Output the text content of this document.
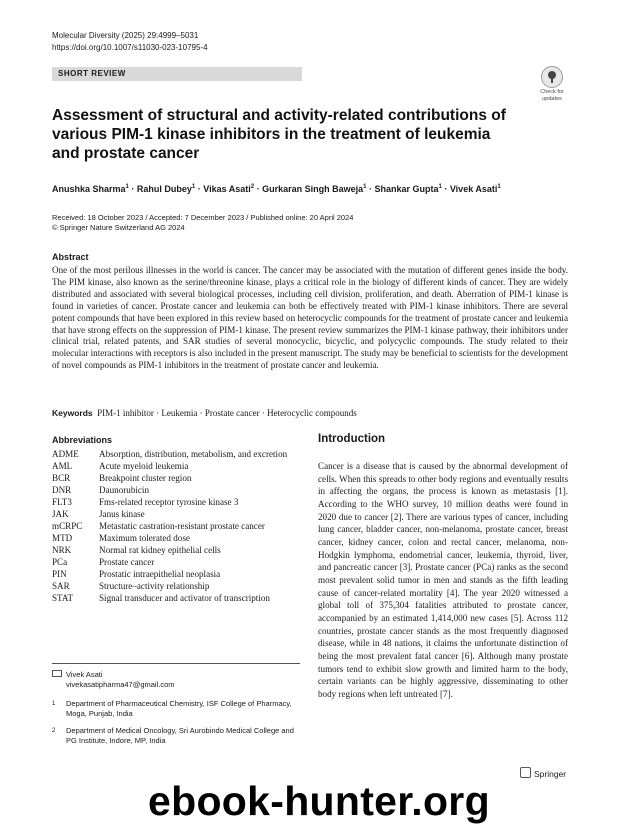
Molecular Diversity (2025) 29:4999–5031
https://doi.org/10.1007/s11030-023-10795-4
SHORT REVIEW
Check for
updates
Assessment of structural and activity-related contributions of various PIM-1 kinase inhibitors in the treatment of leukemia and prostate cancer
Anushka Sharma$^1$ · Rahul Dubey$^1$ · Vikas Asati$^2$ · Gurkaran Singh Baweja$^1$ · Shankar Gupta$^1$ · Vivek Asati$^1$
Received: 18 October 2023 / Accepted: 7 December 2023 / Published online: 20 April 2024
© Springer Nature Switzerland AG 2024
Abstract
One of the most perilous illnesses in the world is cancer. The cancer may be associated with the mutation of different genes inside the body. The PIM kinase, also known as the serine/threonine kinase, plays a critical role in the biology of different kinds of cancer. They are widely distributed and associated with several biological processes, including cell division, proliferation, and death. Aberration of PIM-1 kinase is found in varieties of cancer. Prostate cancer and leukemia can both be effectively treated with PIM-1 kinase inhibitors. There are several potent compounds that have been explored in this review based on heterocyclic compounds for the treatment of prostate cancer and leukemia that have strong effects on the suppression of PIM-1 kinase. The present review summarizes the PIM-1 kinase pathway, their inhibitors under clinical trial, related patents, and SAR studies of several monocyclic, bicyclic, and polycyclic compounds. The study related to their molecular interactions with receptors is also included in the present manuscript. The study may be beneficial to scientists for the development of novel compounds as PIM-1 inhibitors in the treatment of prostate cancer and leukemia.
Keywords PIM-1 inhibitor · Leukemia · Prostate cancer · Heterocyclic compounds
Abbreviations
ADME	Absorption, distribution, metabolism, and excretion
AML	Acute myeloid leukemia
BCR	Breakpoint cluster region
DNR	Daunorubicin
FLT3	Fms-related receptor tyrosine kinase 3
JAK	Janus kinase
mCRPC	Metastatic castration-resistant prostate cancer
MTD	Maximum tolerated dose
NRK	Normal rat kidney epithelial cells
PCa	Prostate cancer
PIN	Prostatic intraepithelial neoplasia
SAR	Structure–activity relationship
STAT	Signal transducer and activator of transcription
Introduction
Cancer is a disease that is caused by the abnormal development of cells. When this spreads to other body regions and eventually results in affecting the organs, the process is known as metastasis [1]. According to the WHO survey, 10 million deaths were found in 2020 due to cancer [2]. There are various types of cancer, including lung cancer, bladder cancer, non-melanoma, prostate cancer, breast cancer, kidney cancer, colon and rectal cancer, melanoma, non-Hodgkin lymphoma, endometrial cancer, leukemia, thyroid, liver, and pancreatic cancer [3]. Prostate cancer (PCa) ranks as the second most prevalent solid tumor in men and stands as the fifth leading cause of cancer-related mortality [4]. The year 2020 witnessed a global toll of 375,304 fatalities attributed to prostate cancer, accompanied by an estimated 1,414,000 new cases [5]. Across 112 countries, prostate cancer stands as the most frequently diagnosed disease, while in 48 nations, it claims the unfortunate distinction of being the most prevalent fatal cancer [6]. Although many prostate tumors tend to exhibit slow growth and limited harm to the body, certain variants can be highly aggressive, disseminating to other body regions when left untreated [7].
Vivek Asati
vivekasatipharma47@gmail.com
1	Department of Pharmaceutical Chemistry, ISF College of Pharmacy, Moga, Punjab, India
2	Department of Medical Oncology, Sri Aurobindo Medical College and PG Institute, Indore, MP, India
Springer
ebook-hunter.org
